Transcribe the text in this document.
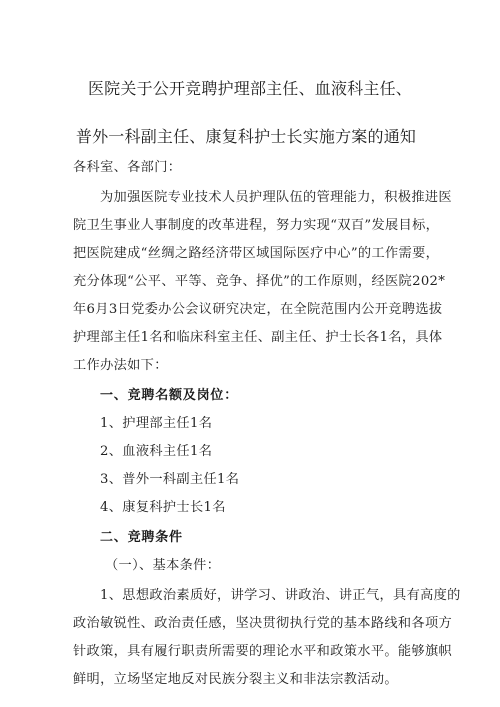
医院关于公开竞聘护理部主任、血液科主任、
普外一科副主任、康复科护士长实施方案的通知
各科室、各部门：
为加强医院专业技术人员护理队伍的管理能力，积极推进医
院卫生事业人事制度的改革进程，努力实现“双百”发展目标，
把医院建成“丝绸之路经济带区域国际医疗中心”的工作需要，
充分体现“公平、平等、竞争、择优”的工作原则，经医院202*
年6月3日党委办公会议研究决定，在全院范围内公开竞聘选拔
护理部主任1名和临床科室主任、副主任、护士长各1名，具体
工作办法如下：
一、竞聘名额及岗位：
1、护理部主任1名
2、血液科主任1名
3、普外一科副主任1名
4、康复科护士长1名
二、竞聘条件
（一）、基本条件：
1、思想政治素质好，讲学习、讲政治、讲正气，具有高度的
政治敏锐性、政治责任感，坚决贯彻执行党的基本路线和各项方
针政策，具有履行职责所需要的理论水平和政策水平。能够旗帜
鲜明，立场坚定地反对民族分裂主义和非法宗教活动。
